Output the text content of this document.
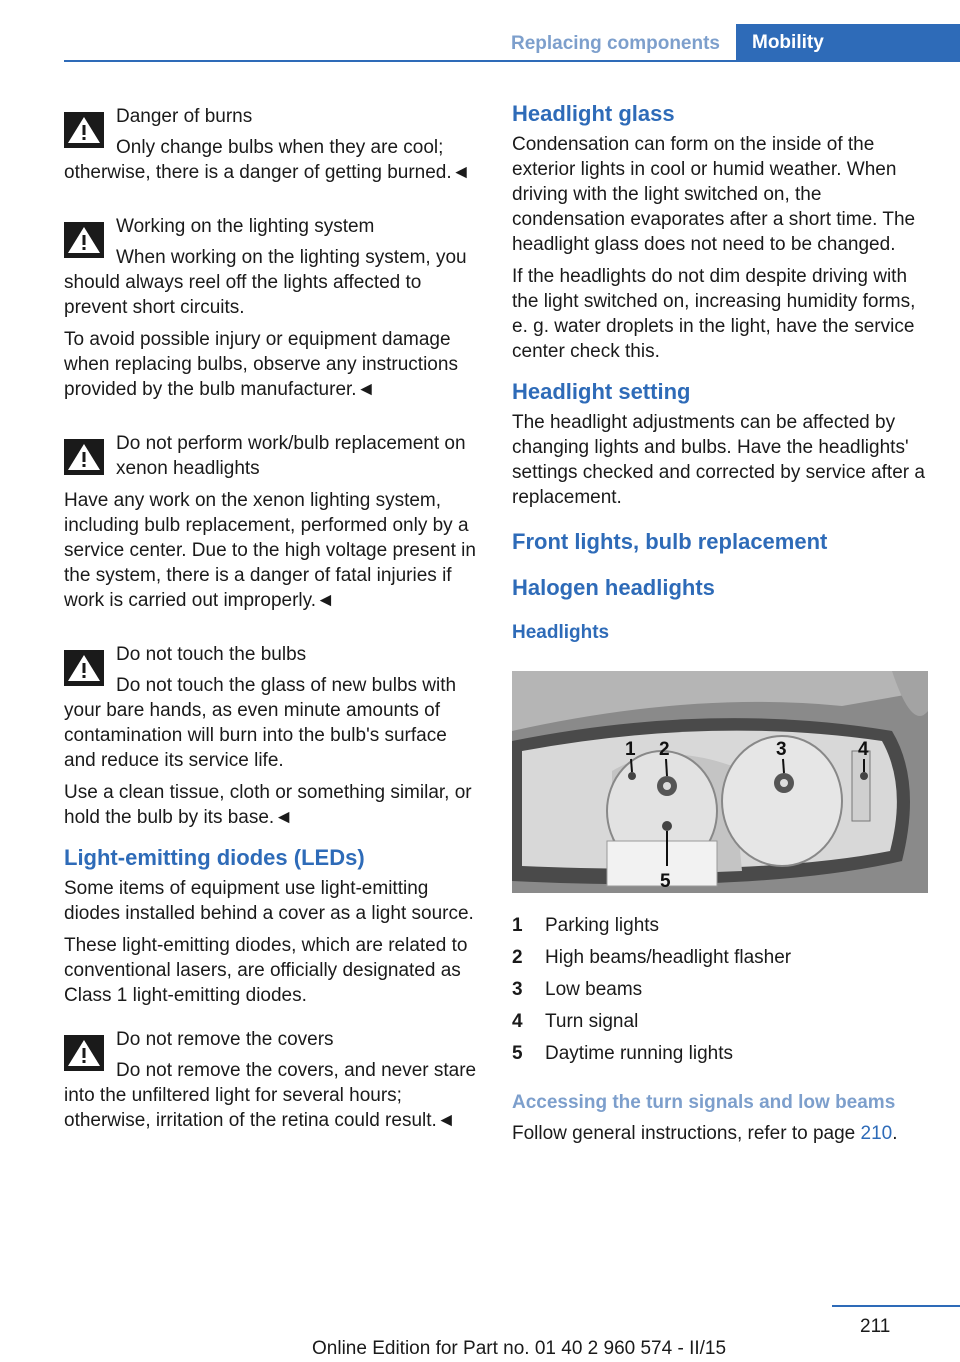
Replacing components	Mobility
Danger of burns
Only change bulbs when they are cool; otherwise, there is a danger of getting burned.◄
Working on the lighting system
When working on the lighting system, you should always reel off the lights affected to prevent short circuits.

To avoid possible injury or equipment damage when replacing bulbs, observe any instructions provided by the bulb manufacturer.◄

Do not perform work/bulb replacement on xenon headlights

Have any work on the xenon lighting system, including bulb replacement, performed only by a service center. Due to the high voltage present in the system, there is a danger of fatal injuries if work is carried out improperly.◄

Do not touch the bulbs
Do not touch the glass of new bulbs with your bare hands, as even minute amounts of contamination will burn into the bulb's surface and reduce its service life.

Use a clean tissue, cloth or something similar, or hold the bulb by its base.◄

Light-emitting diodes (LEDs)

Some items of equipment use light-emitting diodes installed behind a cover as a light source.

These light-emitting diodes, which are related to conventional lasers, are officially designated as Class 1 light-emitting diodes.

Do not remove the covers
Do not remove the covers, and never stare into the unfiltered light for several hours; otherwise, irritation of the retina could result.◄
Headlight glass

Condensation can form on the inside of the exterior lights in cool or humid weather. When driving with the light switched on, the condensation evaporates after a short time. The headlight glass does not need to be changed.

If the headlights do not dim despite driving with the light switched on, increasing humidity forms, e. g. water droplets in the light, have the service center check this.

Headlight setting

The headlight adjustments can be affected by changing lights and bulbs. Have the headlights' settings checked and corrected by service after a replacement.

Front lights, bulb replacement
Halogen headlights
Headlights
1 2	3	4
5
1	Parking lights
2	High beams/headlight flasher
3	Low beams
4	Turn signal
5	Daytime running lights
Accessing the turn signals and low beams

Follow general instructions, refer to page 210.

211
Online Edition for Part no. 01 40 2 960 574 - II/15
